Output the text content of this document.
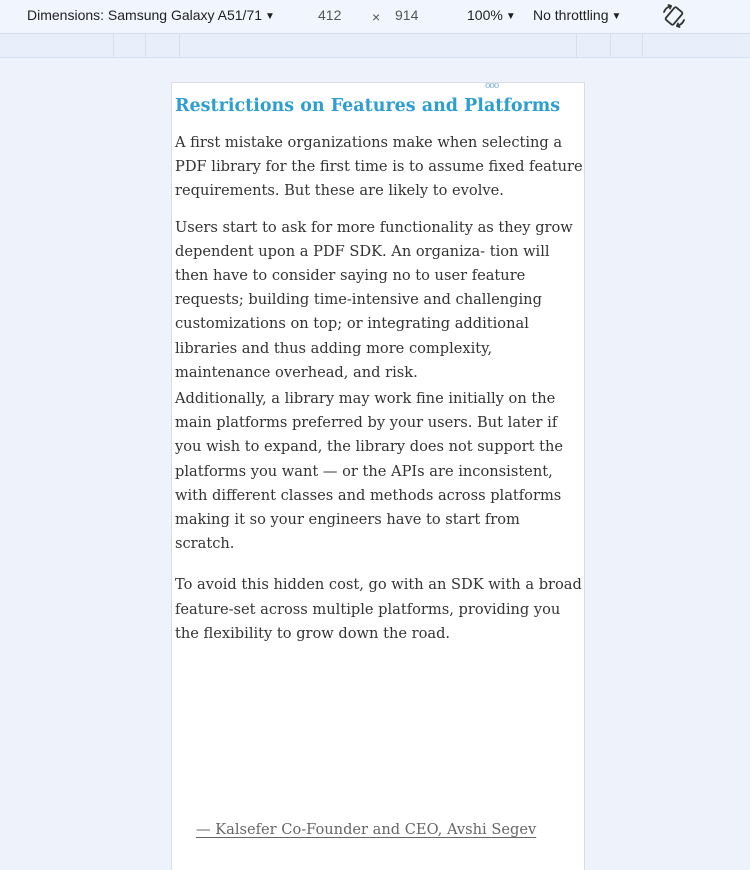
Dimensions: Samsung Galaxy A51/71 ▼	412 × 914	100% ▼ No throttling ▼
ooo
Restrictions on Features and Platforms

A first mistake organizations make when selecting a PDF library for the first time is to assume fixed feature requirements. But these are likely to evolve.

Users start to ask for more functionality as they grow dependent upon a PDF SDK. An organiza- tion will then have to consider saying no to user feature requests; building time-intensive and challenging customizations on top; or integrating additional libraries and thus adding more complexity, maintenance overhead, and risk.

Additionally, a library may work fine initially on the main platforms preferred by your users. But later if you wish to expand, the library does not support the platforms you want — or the APIs are inconsistent, with different classes and methods across platforms making it so your engineers have to start from scratch.

To avoid this hidden cost, go with an SDK with a broad feature-set across multiple platforms, providing you the flexibility to grow down the road.

— Kalsefer Co-Founder and CEO, Avshi Segev
